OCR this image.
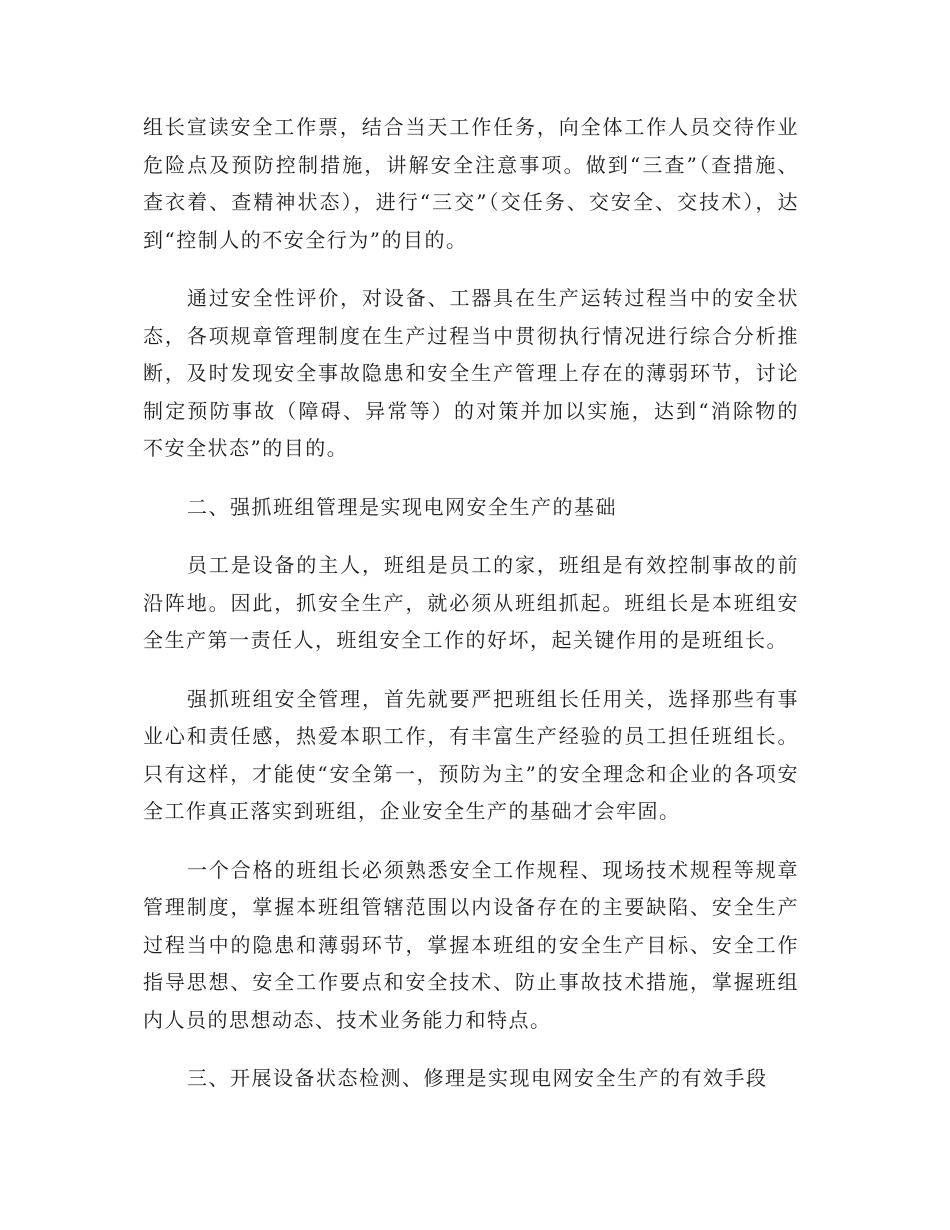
组长宣读安全工作票，结合当天工作任务，向全体工作人员交待作业危险点及预防控制措施，讲解安全注意事项。做到“三查”（查措施、查衣着、查精神状态），进行“三交”（交任务、交安全、交技术），达到“控制人的不安全行为”的目的。

通过安全性评价，对设备、工器具在生产运转过程当中的安全状态，各项规章管理制度在生产过程当中贯彻执行情况进行综合分析推断，及时发现安全事故隐患和安全生产管理上存在的薄弱环节，讨论制定预防事故（障碍、异常等）的对策并加以实施，达到“消除物的不安全状态”的目的。

二、强抓班组管理是实现电网安全生产的基础

员工是设备的主人，班组是员工的家，班组是有效控制事故的前沿阵地。因此，抓安全生产，就必须从班组抓起。班组长是本班组安全生产第一责任人，班组安全工作的好坏，起关键作用的是班组长。

强抓班组安全管理，首先就要严把班组长任用关，选择那些有事业心和责任感，热爱本职工作，有丰富生产经验的员工担任班组长。只有这样，才能使“安全第一，预防为主”的安全理念和企业的各项安全工作真正落实到班组，企业安全生产的基础才会牢固。

一个合格的班组长必须熟悉安全工作规程、现场技术规程等规章管理制度，掌握本班组管辖范围以内设备存在的主要缺陷、安全生产过程当中的隐患和薄弱环节，掌握本班组的安全生产目标、安全工作指导思想、安全工作要点和安全技术、防止事故技术措施，掌握班组内人员的思想动态、技术业务能力和特点。

三、开展设备状态检测、修理是实现电网安全生产的有效手段
